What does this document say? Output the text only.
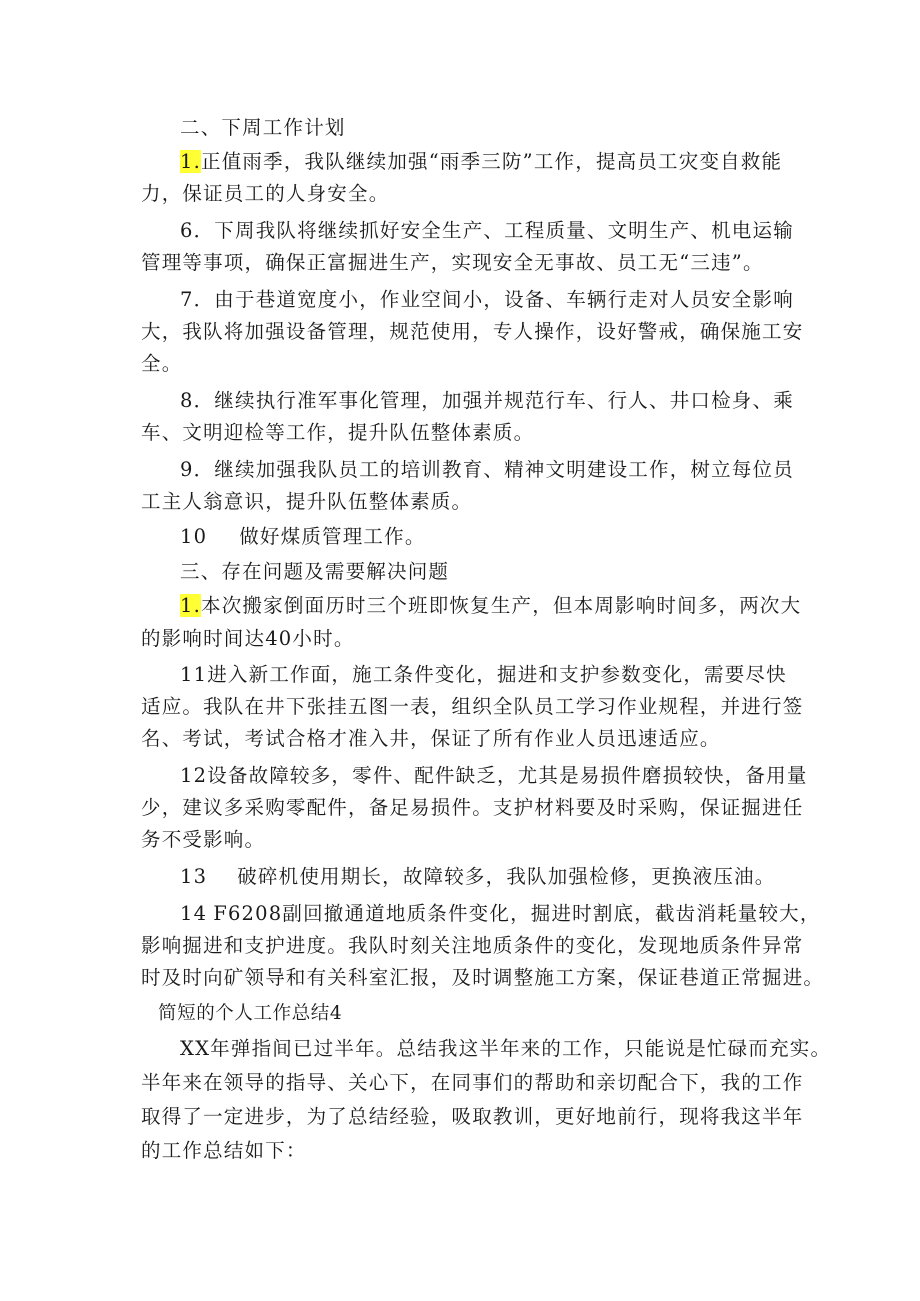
二、下周工作计划
1.正值雨季，我队继续加强“雨季三防”工作，提高员工灾变自救能
力，保证员工的人身安全。
6．下周我队将继续抓好安全生产、工程质量、文明生产、机电运输
管理等事项，确保正富掘进生产，实现安全无事故、员工无“三违”。
7．由于巷道宽度小，作业空间小，设备、车辆行走对人员安全影响
大，我队将加强设备管理，规范使用，专人操作，设好警戒，确保施工安
全。
8．继续执行准军事化管理，加强并规范行车、行人、井口检身、乘
车、文明迎检等工作，提升队伍整体素质。
9．继续加强我队员工的培训教育、精神文明建设工作，树立每位员
工主人翁意识，提升队伍整体素质。
10 做好煤质管理工作。
三、存在问题及需要解决问题
1.本次搬家倒面历时三个班即恢复生产，但本周影响时间多，两次大
的影响时间达40小时。
11进入新工作面，施工条件变化，掘进和支护参数变化，需要尽快
适应。我队在井下张挂五图一表，组织全队员工学习作业规程，并进行签
名、考试，考试合格才准入井，保证了所有作业人员迅速适应。
12设备故障较多，零件、配件缺乏，尤其是易损件磨损较快，备用量
少，建议多采购零配件，备足易损件。支护材料要及时采购，保证掘进任
务不受影响。
13 破碎机使用期长，故障较多，我队加强检修，更换液压油。
14 F6208副回撤通道地质条件变化，掘进时割底，截齿消耗量较大，
影响掘进和支护进度。我队时刻关注地质条件的变化，发现地质条件异常
时及时向矿领导和有关科室汇报，及时调整施工方案，保证巷道正常掘进。
简短的个人工作总结4
XX年弹指间已过半年。总结我这半年来的工作，只能说是忙碌而充实。
半年来在领导的指导、关心下，在同事们的帮助和亲切配合下，我的工作
取得了一定进步，为了总结经验，吸取教训，更好地前行，现将我这半年
的工作总结如下：
